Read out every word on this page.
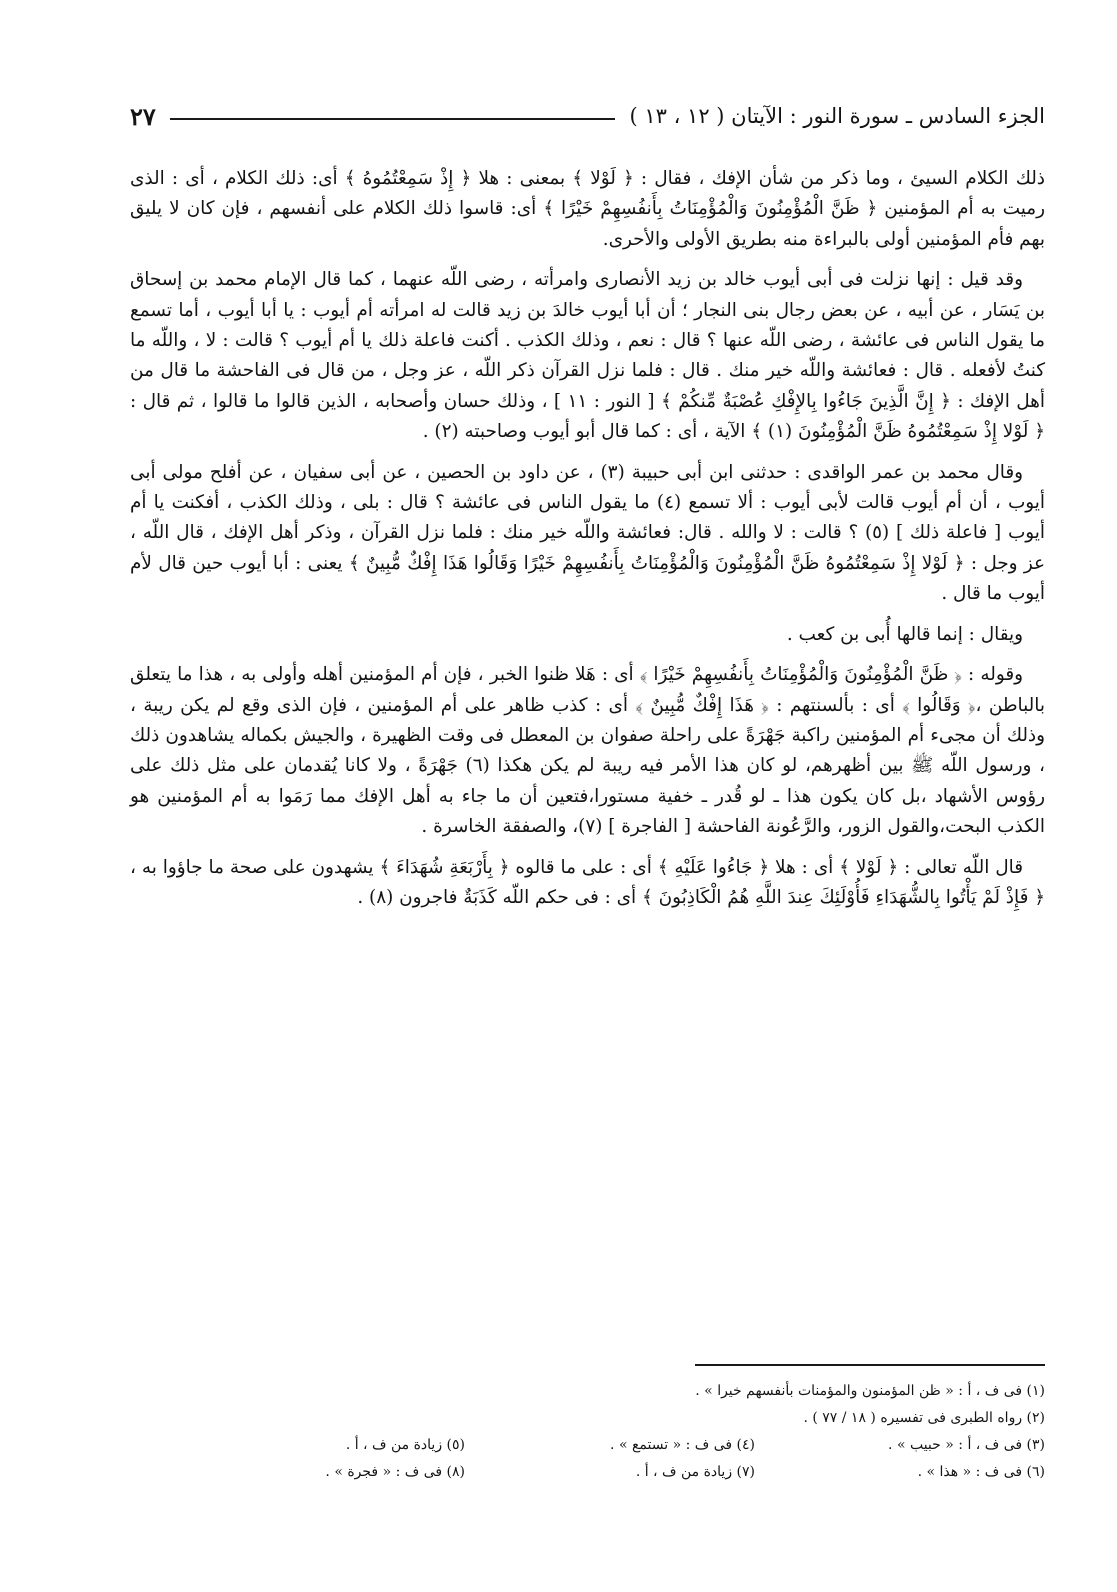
الجزء السادس ـ سورة النور : الآيتان ( ١٢ ، ١٣ )
٢٧

ذلك الكلام السيئ ، وما ذكر من شأن الإفك ، فقال : ﴿ لَوْلا ﴾ بمعنى : هلا ﴿ إِذْ سَمِعْتُمُوهُ ﴾ أى: ذلك الكلام ، أى : الذى رميت به أم المؤمنين ﴿ ظَنَّ الْمُؤْمِنُونَ وَالْمُؤْمِنَاتُ بِأَنفُسِهِمْ خَيْرًا ﴾ أى: قاسوا ذلك الكلام على أنفسهم ، فإن كان لا يليق بهم فأم المؤمنين أولى بالبراءة منه بطريق الأولى والأحرى.

وقد قيل : إنها نزلت فى أبى أيوب خالد بن زيد الأنصارى وامرأته ، رضى اللّه عنهما ، كما قال الإمام محمد بن إسحاق بن يَسَار ، عن أبيه ، عن بعض رجال بنى النجار ؛ أن أبا أيوب خالدَ بن زيد قالت له امرأته أم أيوب : يا أبا أيوب ، أما تسمع ما يقول الناس فى عائشة ، رضى اللّه عنها ؟ قال : نعم ، وذلك الكذب . أكنت فاعلة ذلك يا أم أيوب ؟ قالت : لا ، واللّه ما كنتُ لأفعله . قال : فعائشة واللّه خير منك . قال : فلما نزل القرآن ذكر اللّه ، عز وجل ، من قال فى الفاحشة ما قال من أهل الإفك : ﴿ إِنَّ الَّذِينَ جَاءُوا بِالإِفْكِ عُصْبَةٌ مِّنكُمْ ﴾ [ النور : ١١ ] ، وذلك حسان وأصحابه ، الذين قالوا ما قالوا ، ثم قال : ﴿ لَوْلا إِذْ سَمِعْتُمُوهُ ظَنَّ الْمُؤْمِنُونَ (١) ﴾ الآية ، أى : كما قال أبو أيوب وصاحبته (٢) .

وقال محمد بن عمر الواقدى : حدثنى ابن أبى حبيبة (٣) ، عن داود بن الحصين ، عن أبى سفيان ، عن أفلح مولى أبى أيوب ، أن أم أيوب قالت لأبى أيوب : ألا تسمع (٤) ما يقول الناس فى عائشة ؟ قال : بلى ، وذلك الكذب ، أفكنت يا أم أيوب [ فاعلة ذلك ] (٥) ؟ قالت : لا والله . قال: فعائشة واللّه خير منك : فلما نزل القرآن ، وذكر أهل الإفك ، قال اللّه ، عز وجل : ﴿ لَوْلا إِذْ سَمِعْتُمُوهُ ظَنَّ الْمُؤْمِنُونَ وَالْمُؤْمِنَاتُ بِأَنفُسِهِمْ خَيْرًا وَقَالُوا هَذَا إِفْكٌ مُّبِينٌ ﴾ يعنى : أبا أيوب حين قال لأم أيوب ما قال .

ويقال : إنما قالها أُبى بن كعب .

وقوله : ﴿ ظَنَّ الْمُؤْمِنُونَ وَالْمُؤْمِنَاتُ بِأَنفُسِهِمْ خَيْرًا ﴾ أى : هَلا ظنوا الخبر ، فإن أم المؤمنين أهله وأولى به ، هذا ما يتعلق بالباطن ،﴿ وَقَالُوا ﴾ أى : بألسنتهم : ﴿ هَذَا إِفْكٌ مُّبِينٌ ﴾ أى : كذب ظاهر على أم المؤمنين ، فإن الذى وقع لم يكن ريبة ، وذلك أن مجىء أم المؤمنين راكبة جَهْرَةً على راحلة صفوان بن المعطل فى وقت الظهيرة ، والجيش بكماله يشاهدون ذلك ، ورسول اللّه ﷺ بين أظهرهم، لو كان هذا الأمر فيه ريبة لم يكن هكذا (٦) جَهْرَةً ، ولا كانا يُقدمان على مثل ذلك على رؤوس الأشهاد ،بل كان يكون هذا ـ لو قُدر ـ خفية مستورا،فتعين أن ما جاء به أهل الإفك مما رَمَوا به أم المؤمنين هو الكذب البحت،والقول الزور، والرَّعُونة الفاحشة [ الفاجرة ] (٧)، والصفقة الخاسرة .

قال اللّه تعالى : ﴿ لَوْلا ﴾ أى : هلا ﴿ جَاءُوا عَلَيْهِ ﴾ أى : على ما قالوه ﴿ بِأَرْبَعَةِ شُهَدَاءَ ﴾ يشهدون على صحة ما جاؤوا به ،﴿ فَإِذْ لَمْ يَأْتُوا بِالشُّهَدَاءِ فَأُوْلَئِكَ عِندَ اللَّهِ هُمُ الْكَاذِبُونَ ﴾ أى : فى حكم اللّه كَذَبَةٌ فاجرون (٨) .

(١) فى ف ، أ : « ظن المؤمنون والمؤمنات بأنفسهم خيرا » .
(٢) رواه الطبرى فى تفسيره ( ١٨ / ٧٧ ) .
(٣) فى ف ، أ : « حبيب » .
(٤) فى ف : « تستمع » .
(٥) زيادة من ف ، أ .
(٦) فى ف : « هذا » .
(٧) زيادة من ف ، أ .
(٨) فى ف : « فجرة » .
